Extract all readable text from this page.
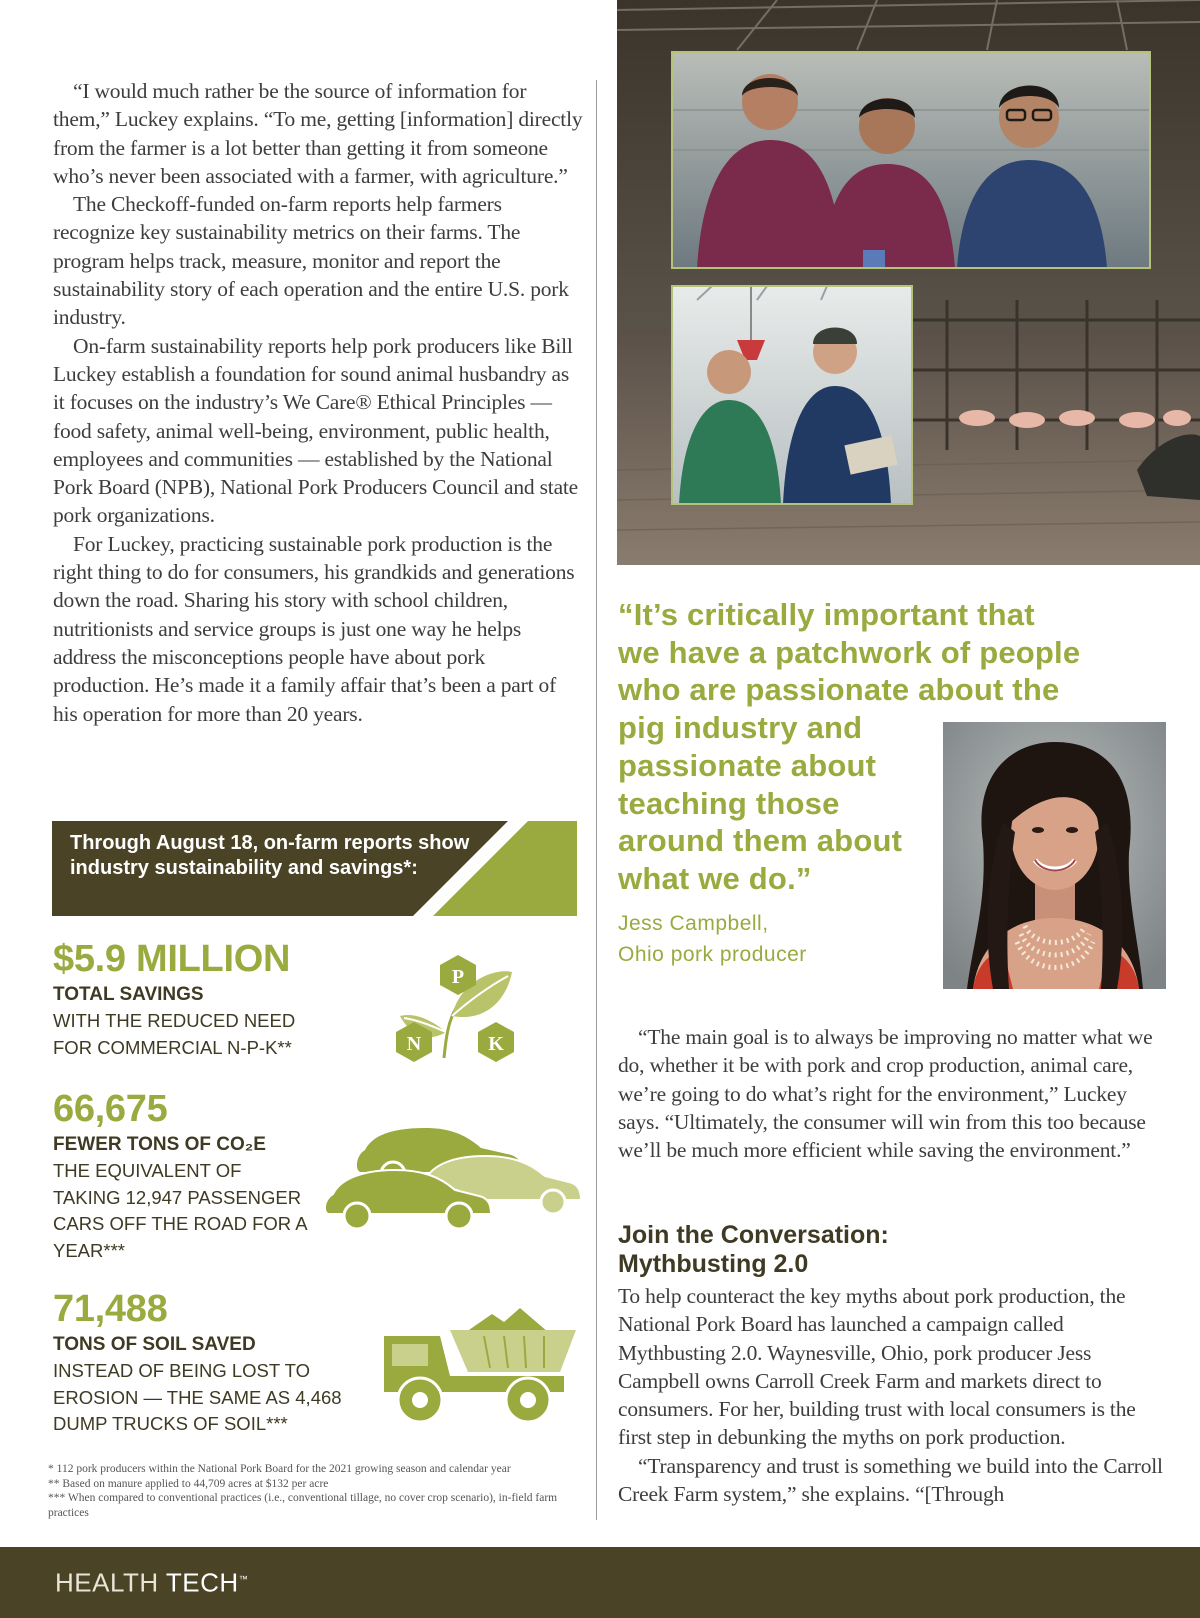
“I would much rather be the source of information for them,” Luckey explains. “To me, getting [information] directly from the farmer is a lot better than getting it from someone who’s never been associated with a farmer, with agriculture.”

The Checkoff-funded on-farm reports help farmers recognize key sustainability metrics on their farms. The program helps track, measure, monitor and report the sustainability story of each operation and the entire U.S. pork industry.

On-farm sustainability reports help pork producers like Bill Luckey establish a foundation for sound animal husbandry as it focuses on the industry’s We Care® Ethical Principles — food safety, animal well-being, environment, public health, employees and communities — established by the National Pork Board (NPB), National Pork Producers Council and state pork organizations.

For Luckey, practicing sustainable pork production is the right thing to do for consumers, his grandkids and generations down the road. Sharing his story with school children, nutritionists and service groups is just one way he helps address the misconceptions people have about pork production. He’s made it a family affair that’s been a part of his operation for more than 20 years.

Through August 18, on-farm reports show industry sustainability and savings*:
$5.9 MILLION
TOTAL SAVINGS
WITH THE REDUCED NEED FOR COMMERCIAL N-P-K**
P
N	K
66,675
FEWER TONS OF CO₂E
THE EQUIVALENT OF TAKING 12,947 PASSENGER CARS OFF THE ROAD FOR A YEAR***
71,488
TONS OF SOIL SAVED
INSTEAD OF BEING LOST TO EROSION — THE SAME AS 4,468 DUMP TRUCKS OF SOIL***
* 112 pork producers within the National Pork Board for the 2021 growing season and calendar year
** Based on manure applied to 44,709 acres at $132 per acre
*** When compared to conventional practices (i.e., conventional tillage, no cover crop scenario), in-field farm practices
“It’s critically important that
we have a patchwork of people
who are passionate about the
pig industry and
passionate about
teaching those
around them about
what we do.”
Jess Campbell,
Ohio pork producer

“The main goal is to always be improving no matter what we do, whether it be with pork and crop production, animal care, we’re going to do what’s right for the environment,” Luckey says. “Ultimately, the consumer will win from this too because we’ll be much more efficient while saving the environment.”

Join the Conversation:
Mythbusting 2.0

To help counteract the key myths about pork production, the National Pork Board has launched a campaign called Mythbusting 2.0. Waynesville, Ohio, pork producer Jess Campbell owns Carroll Creek Farm and markets direct to consumers. For her, building trust with local consumers is the first step in debunking the myths on pork production.

“Transparency and trust is something we build into the Carroll Creek Farm system,” she explains. “[Through

HEALTH TECH™
